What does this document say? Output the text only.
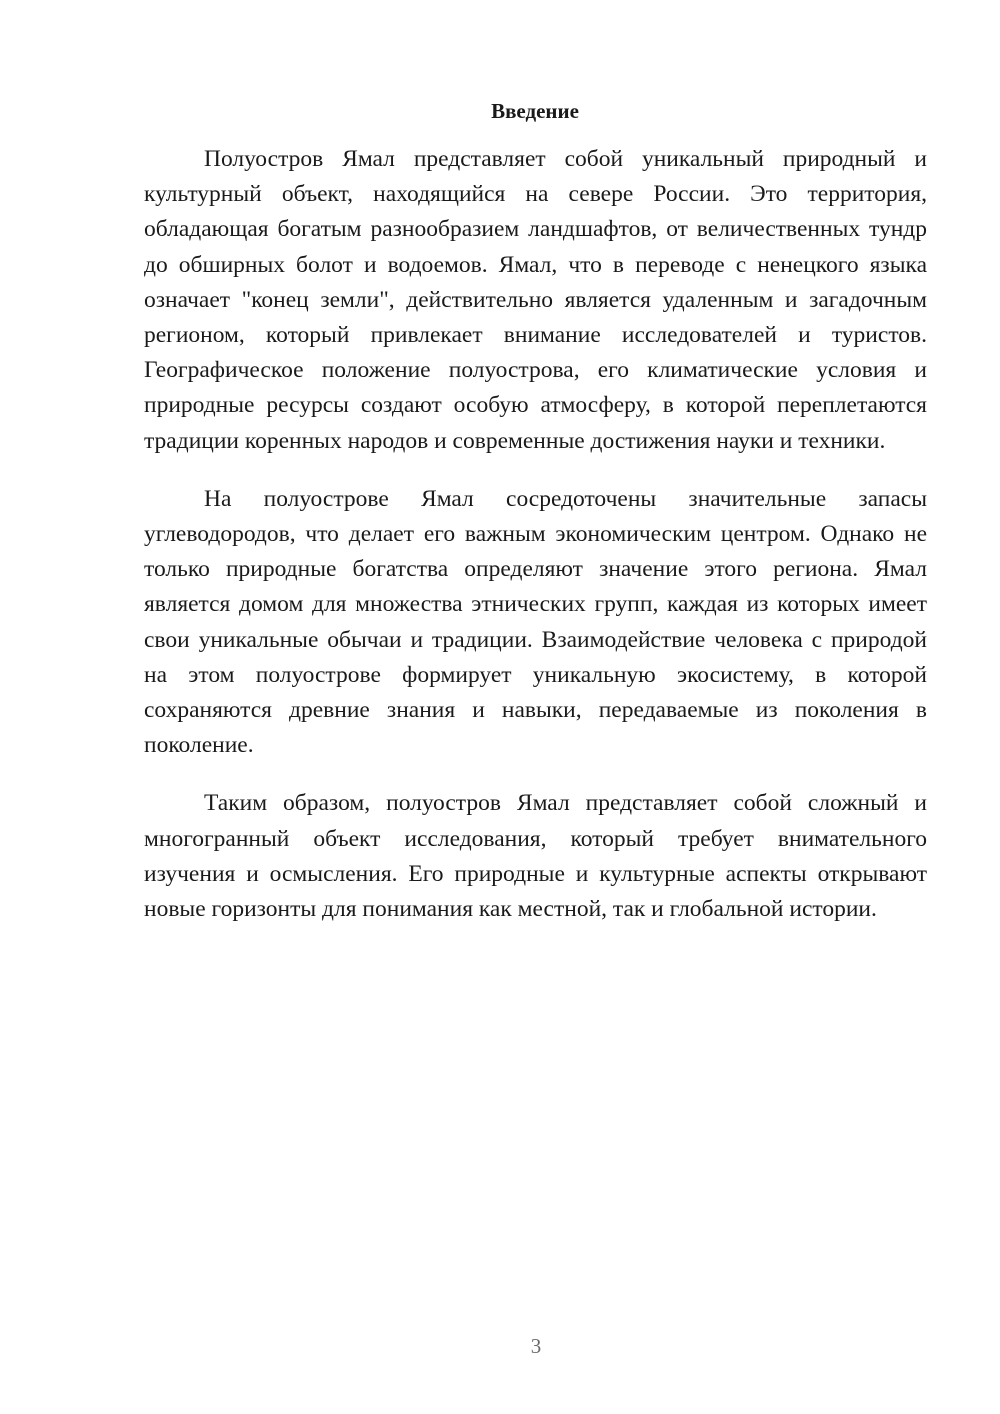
Введение

Полуостров Ямал представляет собой уникальный природный и культурный объект, находящийся на севере России. Это территория, обладающая богатым разнообразием ландшафтов, от величественных тундр до обширных болот и водоемов. Ямал, что в переводе с ненецкого языка означает "конец земли", действительно является удаленным и загадочным регионом, который привлекает внимание исследователей и туристов. Географическое положение полуострова, его климатические условия и природные ресурсы создают особую атмосферу, в которой переплетаются традиции коренных народов и современные достижения науки и техники.

На полуострове Ямал сосредоточены значительные запасы углеводородов, что делает его важным экономическим центром. Однако не только природные богатства определяют значение этого региона. Ямал является домом для множества этнических групп, каждая из которых имеет свои уникальные обычаи и традиции. Взаимодействие человека с природой на этом полуострове формирует уникальную экосистему, в которой сохраняются древние знания и навыки, передаваемые из поколения в поколение.

Таким образом, полуостров Ямал представляет собой сложный и многогранный объект исследования, который требует внимательного изучения и осмысления. Его природные и культурные аспекты открывают новые горизонты для понимания как местной, так и глобальной истории.

3
